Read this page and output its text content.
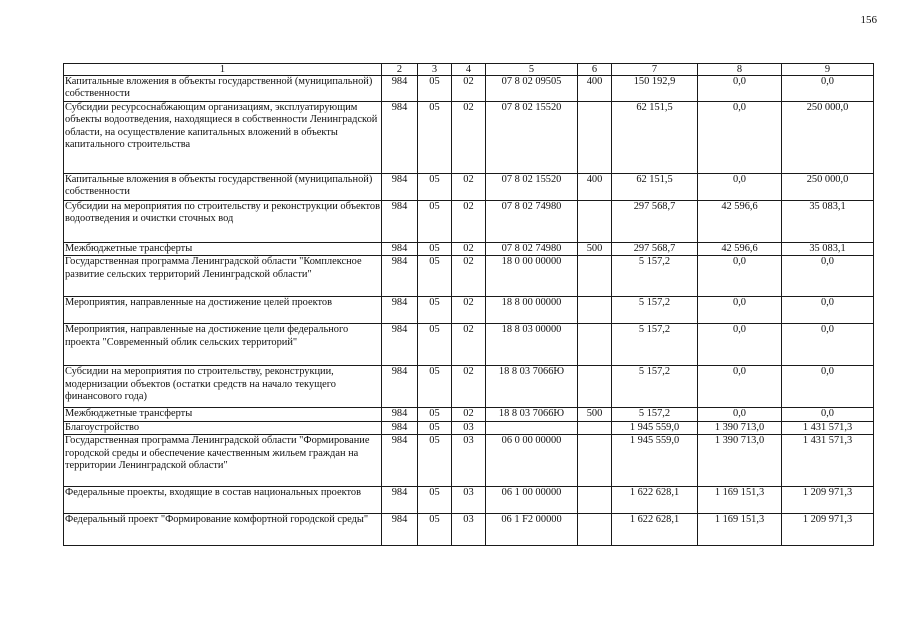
156
1	2	3	4	5	6	7	8	9
Капитальные вложения в объекты государственной (муниципальной) собственности	984	05	02	07 8 02 09505	400	150 192,9	0,0	0,0
Субсидии ресурсоснабжающим организациям, эксплуатирующим объекты водоотведения, находящиеся в собственности Ленинградской области, на осуществление капитальных вложений в объекты капитального строительства	984	05	02	07 8 02 15520		62 151,5	0,0	250 000,0
Капитальные вложения в объекты государственной (муниципальной) собственности	984	05	02	07 8 02 15520	400	62 151,5	0,0	250 000,0
Субсидии на мероприятия по строительству и реконструкции объектов водоотведения и очистки сточных вод	984	05	02	07 8 02 74980		297 568,7	42 596,6	35 083,1
Межбюджетные трансферты	984	05	02	07 8 02 74980	500	297 568,7	42 596,6	35 083,1
Государственная программа Ленинградской области "Комплексное развитие сельских территорий Ленинградской области"	984	05	02	18 0 00 00000		5 157,2	0,0	0,0
Мероприятия, направленные на достижение целей проектов	984	05	02	18 8 00 00000		5 157,2	0,0	0,0
Мероприятия, направленные на достижение цели федерального проекта "Современный облик сельских территорий"	984	05	02	18 8 03 00000		5 157,2	0,0	0,0
Субсидии на мероприятия по строительству, реконструкции, модернизации объектов (остатки средств на начало текущего финансового года)	984	05	02	18 8 03 7066Ю		5 157,2	0,0	0,0
Межбюджетные трансферты	984	05	02	18 8 03 7066Ю	500	5 157,2	0,0	0,0
Благоустройство	984	05	03			1 945 559,0	1 390 713,0	1 431 571,3
Государственная программа Ленинградской области "Формирование городской среды и обеспечение качественным жильем граждан на территории Ленинградской области"	984	05	03	06 0 00 00000		1 945 559,0	1 390 713,0	1 431 571,3
Федеральные проекты, входящие в состав национальных проектов	984	05	03	06 1 00 00000		1 622 628,1	1 169 151,3	1 209 971,3
Федеральный проект "Формирование комфортной городской среды"	984	05	03	06 1 F2 00000		1 622 628,1	1 169 151,3	1 209 971,3
